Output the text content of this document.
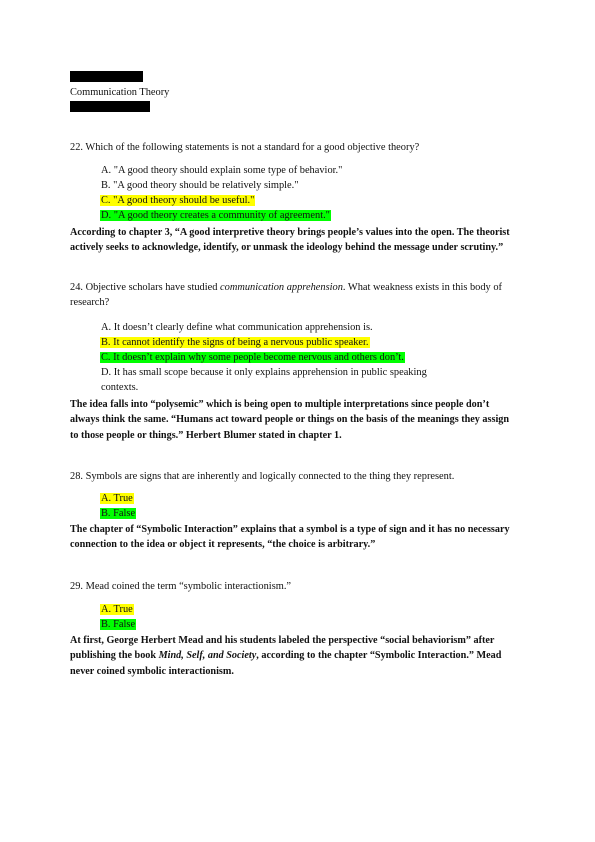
Communication Theory
22. Which of the following statements is not a standard for a good objective theory?
A. "A good theory should explain some type of behavior."
B. "A good theory should be relatively simple."
C. "A good theory should be useful."
D. "A good theory creates a community of agreement."
According to chapter 3, “A good interpretive theory brings people’s values into the open. The theorist actively seeks to acknowledge, identify, or unmask the ideology behind the message under scrutiny.”
24. Objective scholars have studied communication apprehension. What weakness exists in this body of research?
A. It doesn’t clearly define what communication apprehension is.
B. It cannot identify the signs of being a nervous public speaker.
C. It doesn’t explain why some people become nervous and others don’t.
D. It has small scope because it only explains apprehension in public speaking
contexts.
The idea falls into “polysemic” which is being open to multiple interpretations since people don’t always think the same. “Humans act toward people or things on the basis of the meanings they assign to those people or things.” Herbert Blumer stated in chapter 1.
28. Symbols are signs that are inherently and logically connected to the thing they represent.
A. True
B. False
The chapter of “Symbolic Interaction” explains that a symbol is a type of sign and it has no necessary connection to the idea or object it represents, “the choice is arbitrary.”
29. Mead coined the term “symbolic interactionism.”
A. True
B. False
At first, George Herbert Mead and his students labeled the perspective “social behaviorism” after publishing the book Mind, Self, and Society, according to the chapter “Symbolic Interaction.” Mead never coined symbolic interactionism.
